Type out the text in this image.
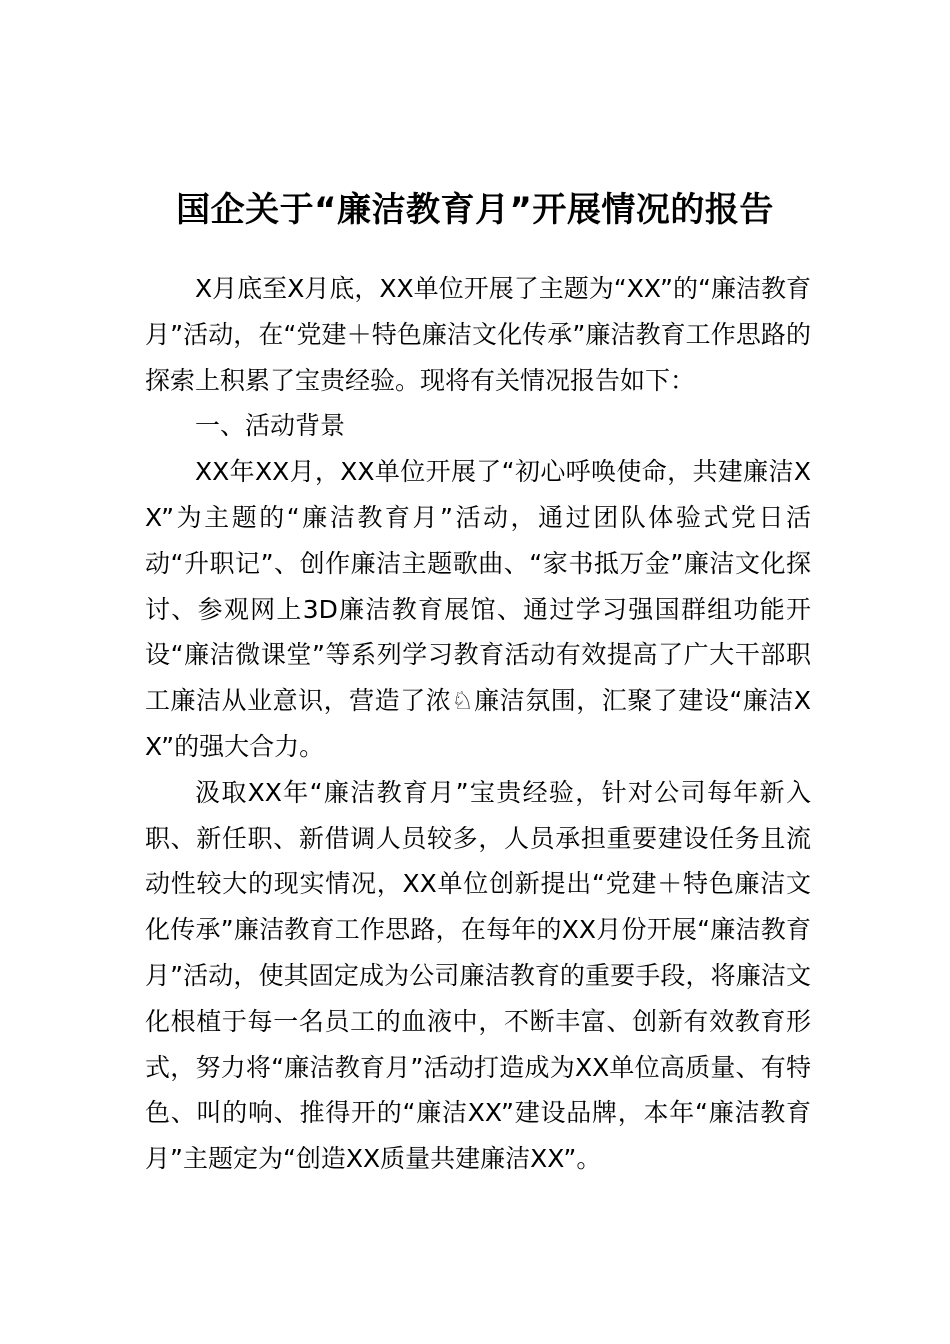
国企关于“廉洁教育月”开展情况的报告

X月底至X月底，XX单位开展了主题为“XX”的“廉洁教育月”活动，在“党建＋特色廉洁文化传承”廉洁教育工作思路的探索上积累了宝贵经验。现将有关情况报告如下：

一、活动背景

XX年XX月，XX单位开展了“初心呼唤使命，共建廉洁XX”为主题的“廉洁教育月”活动，通过团队体验式党日活动“升职记”、创作廉洁主题歌曲、“家书抵万金”廉洁文化探讨、参观网上3D廉洁教育展馆、通过学习强国群组功能开设“廉洁微课堂”等系列学习教育活动有效提高了广大干部职工廉洁从业意识，营造了浓♘廉洁氛围，汇聚了建设“廉洁XX”的强大合力。

汲取XX年“廉洁教育月”宝贵经验，针对公司每年新入职、新任职、新借调人员较多，人员承担重要建设任务且流动性较大的现实情况，XX单位创新提出“党建＋特色廉洁文化传承”廉洁教育工作思路，在每年的XX月份开展“廉洁教育月”活动，使其固定成为公司廉洁教育的重要手段，将廉洁文化根植于每一名员工的血液中，不断丰富、创新有效教育形式，努力将“廉洁教育月”活动打造成为XX单位高质量、有特色、叫的响、推得开的“廉洁XX”建设品牌，本年“廉洁教育月”主题定为“创造XX质量共建廉洁XX”。
